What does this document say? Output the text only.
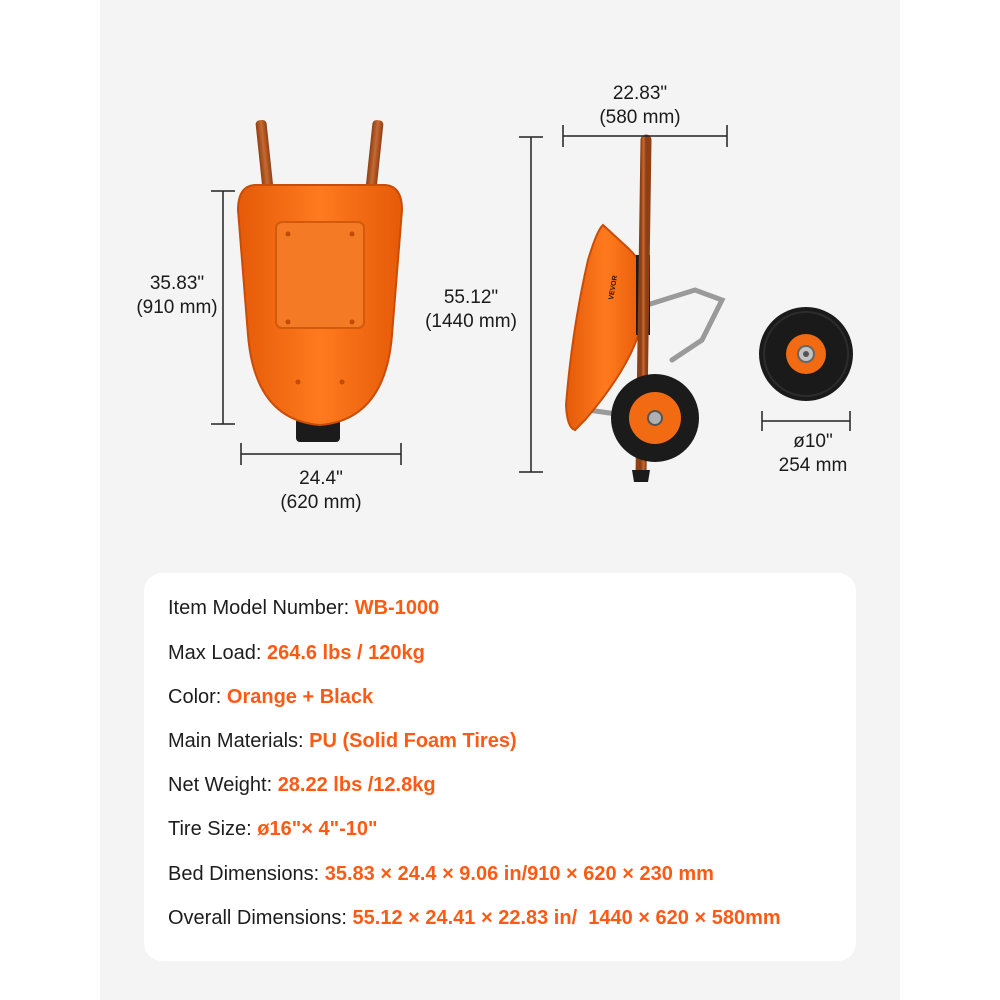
VEVOR
35.83"
(910 mm)
24.4"
(620 mm)
55.12"
(1440 mm)
22.83"
(580 mm)
ø10"
254 mm
Item Model Number: WB-1000
Max Load: 264.6 lbs / 120kg
Color: Orange + Black
Main Materials: PU (Solid Foam Tires)
Net Weight: 28.22 lbs /12.8kg
Tire Size: ø16"× 4"-10"
Bed Dimensions: 35.83 × 24.4 × 9.06 in/910 × 620 × 230 mm
Overall Dimensions: 55.12 × 24.41 × 22.83 in/  1440 × 620 × 580mm
